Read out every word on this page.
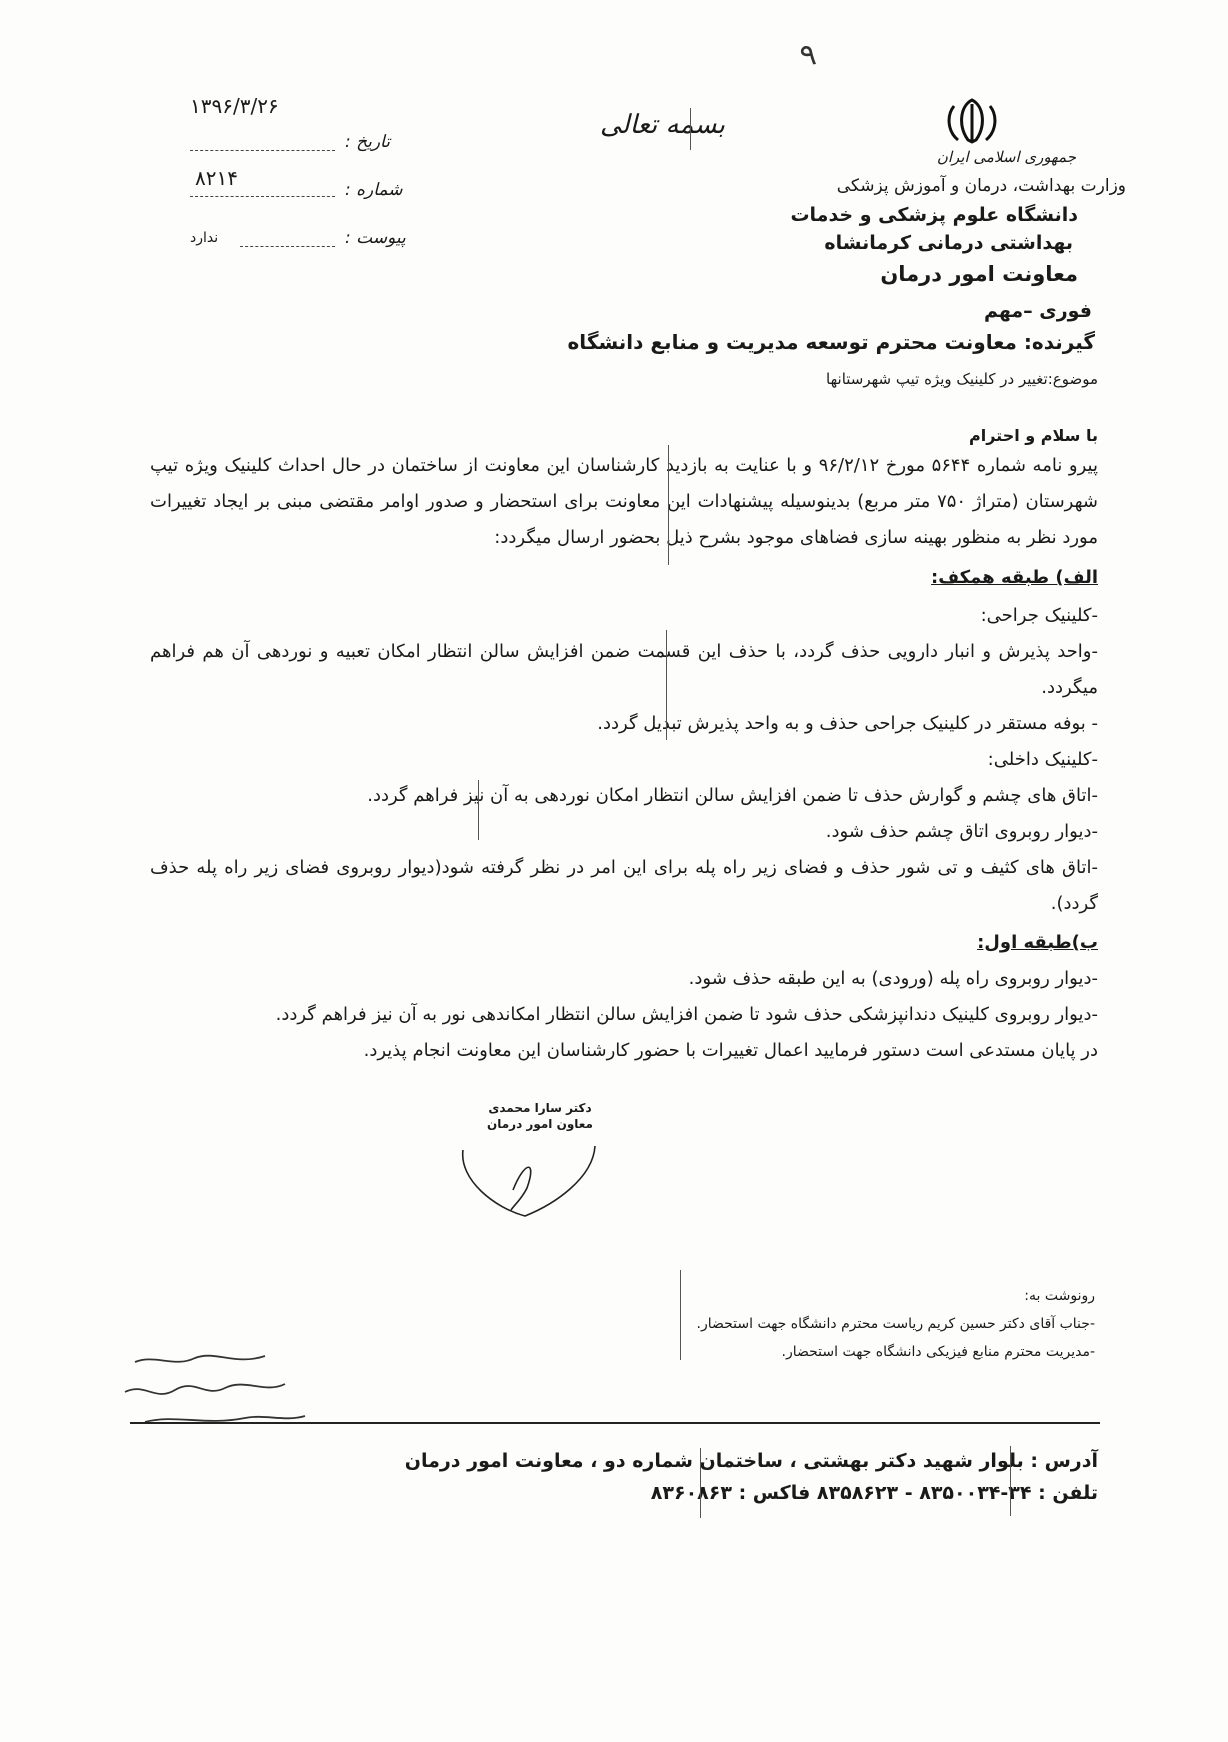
۹
۱۳۹۶/۳/۲۶
تاریخ :
۸۲۱۴	شماره :
ندارد	پیوست :
بسمه تعالی
جمهوری اسلامی ایران
وزارت بهداشت، درمان و آموزش پزشکی
دانشگاه علوم پزشکی و خدمات
بهداشتی درمانی کرمانشاه
معاونت امور درمان
فوری –مهم
گیرنده: معاونت محترم توسعه مدیریت و منابع دانشگاه
موضوع:تغییر در کلینیک ویژه تیپ شهرستانها
با سلام و احترام
پیرو نامه شماره ۵۶۴۴ مورخ ۹۶/۲/۱۲ و با عنایت به بازدید کارشناسان این معاونت از ساختمان در حال احداث کلینیک ویژه تیپ شهرستان (متراژ ۷۵۰ متر مربع) بدینوسیله پیشنهادات این معاونت برای استحضار و صدور اوامر مقتضی مبنی بر ایجاد تغییرات مورد نظر به منظور بهینه سازی فضاهای موجود بشرح ذیل بحضور ارسال میگردد:
الف) طبقه همکف:
-کلینیک جراحی:
-واحد پذیرش و انبار دارویی حذف گردد، با حذف این قسمت ضمن افزایش سالن انتظار امکان تعبیه و نوردهی آن هم فراهم میگردد.
- بوفه مستقر در کلینیک جراحی حذف و به واحد پذیرش تبدیل گردد.
-کلینیک داخلی:
-اتاق های چشم و گوارش حذف تا ضمن افزایش سالن انتظار امکان نوردهی به آن نیز فراهم گردد.
-دیوار روبروی اتاق چشم حذف شود.
-اتاق های کثیف و تی شور حذف و فضای زیر راه پله برای این امر در نظر گرفته شود(دیوار روبروی فضای زیر راه پله حذف گردد).
ب)طبقه اول:
-دیوار روبروی راه پله (ورودی) به این طبقه حذف شود.
-دیوار روبروی کلینیک دندانپزشکی حذف شود تا ضمن افزایش سالن انتظار امکاندهی نور به آن نیز فراهم گردد.
در پایان مستدعی است دستور فرمایید اعمال تغییرات با حضور کارشناسان این معاونت انجام پذیرد.
دکتر سارا محمدی
معاون امور درمان
رونوشت به:
-جناب آقای دکتر حسین کریم ریاست محترم دانشگاه جهت استحضار.
-مدیریت محترم منابع فیزیکی دانشگاه جهت استحضار.
آدرس : بلوار شهید دکتر بهشتی ، ساختمان شماره دو ، معاونت امور درمان
تلفن : ۳۴-۸۳۵۰۰۳۴ - ۸۳۵۸۶۲۳ فاکس : ۸۳۶۰۸۶۳
